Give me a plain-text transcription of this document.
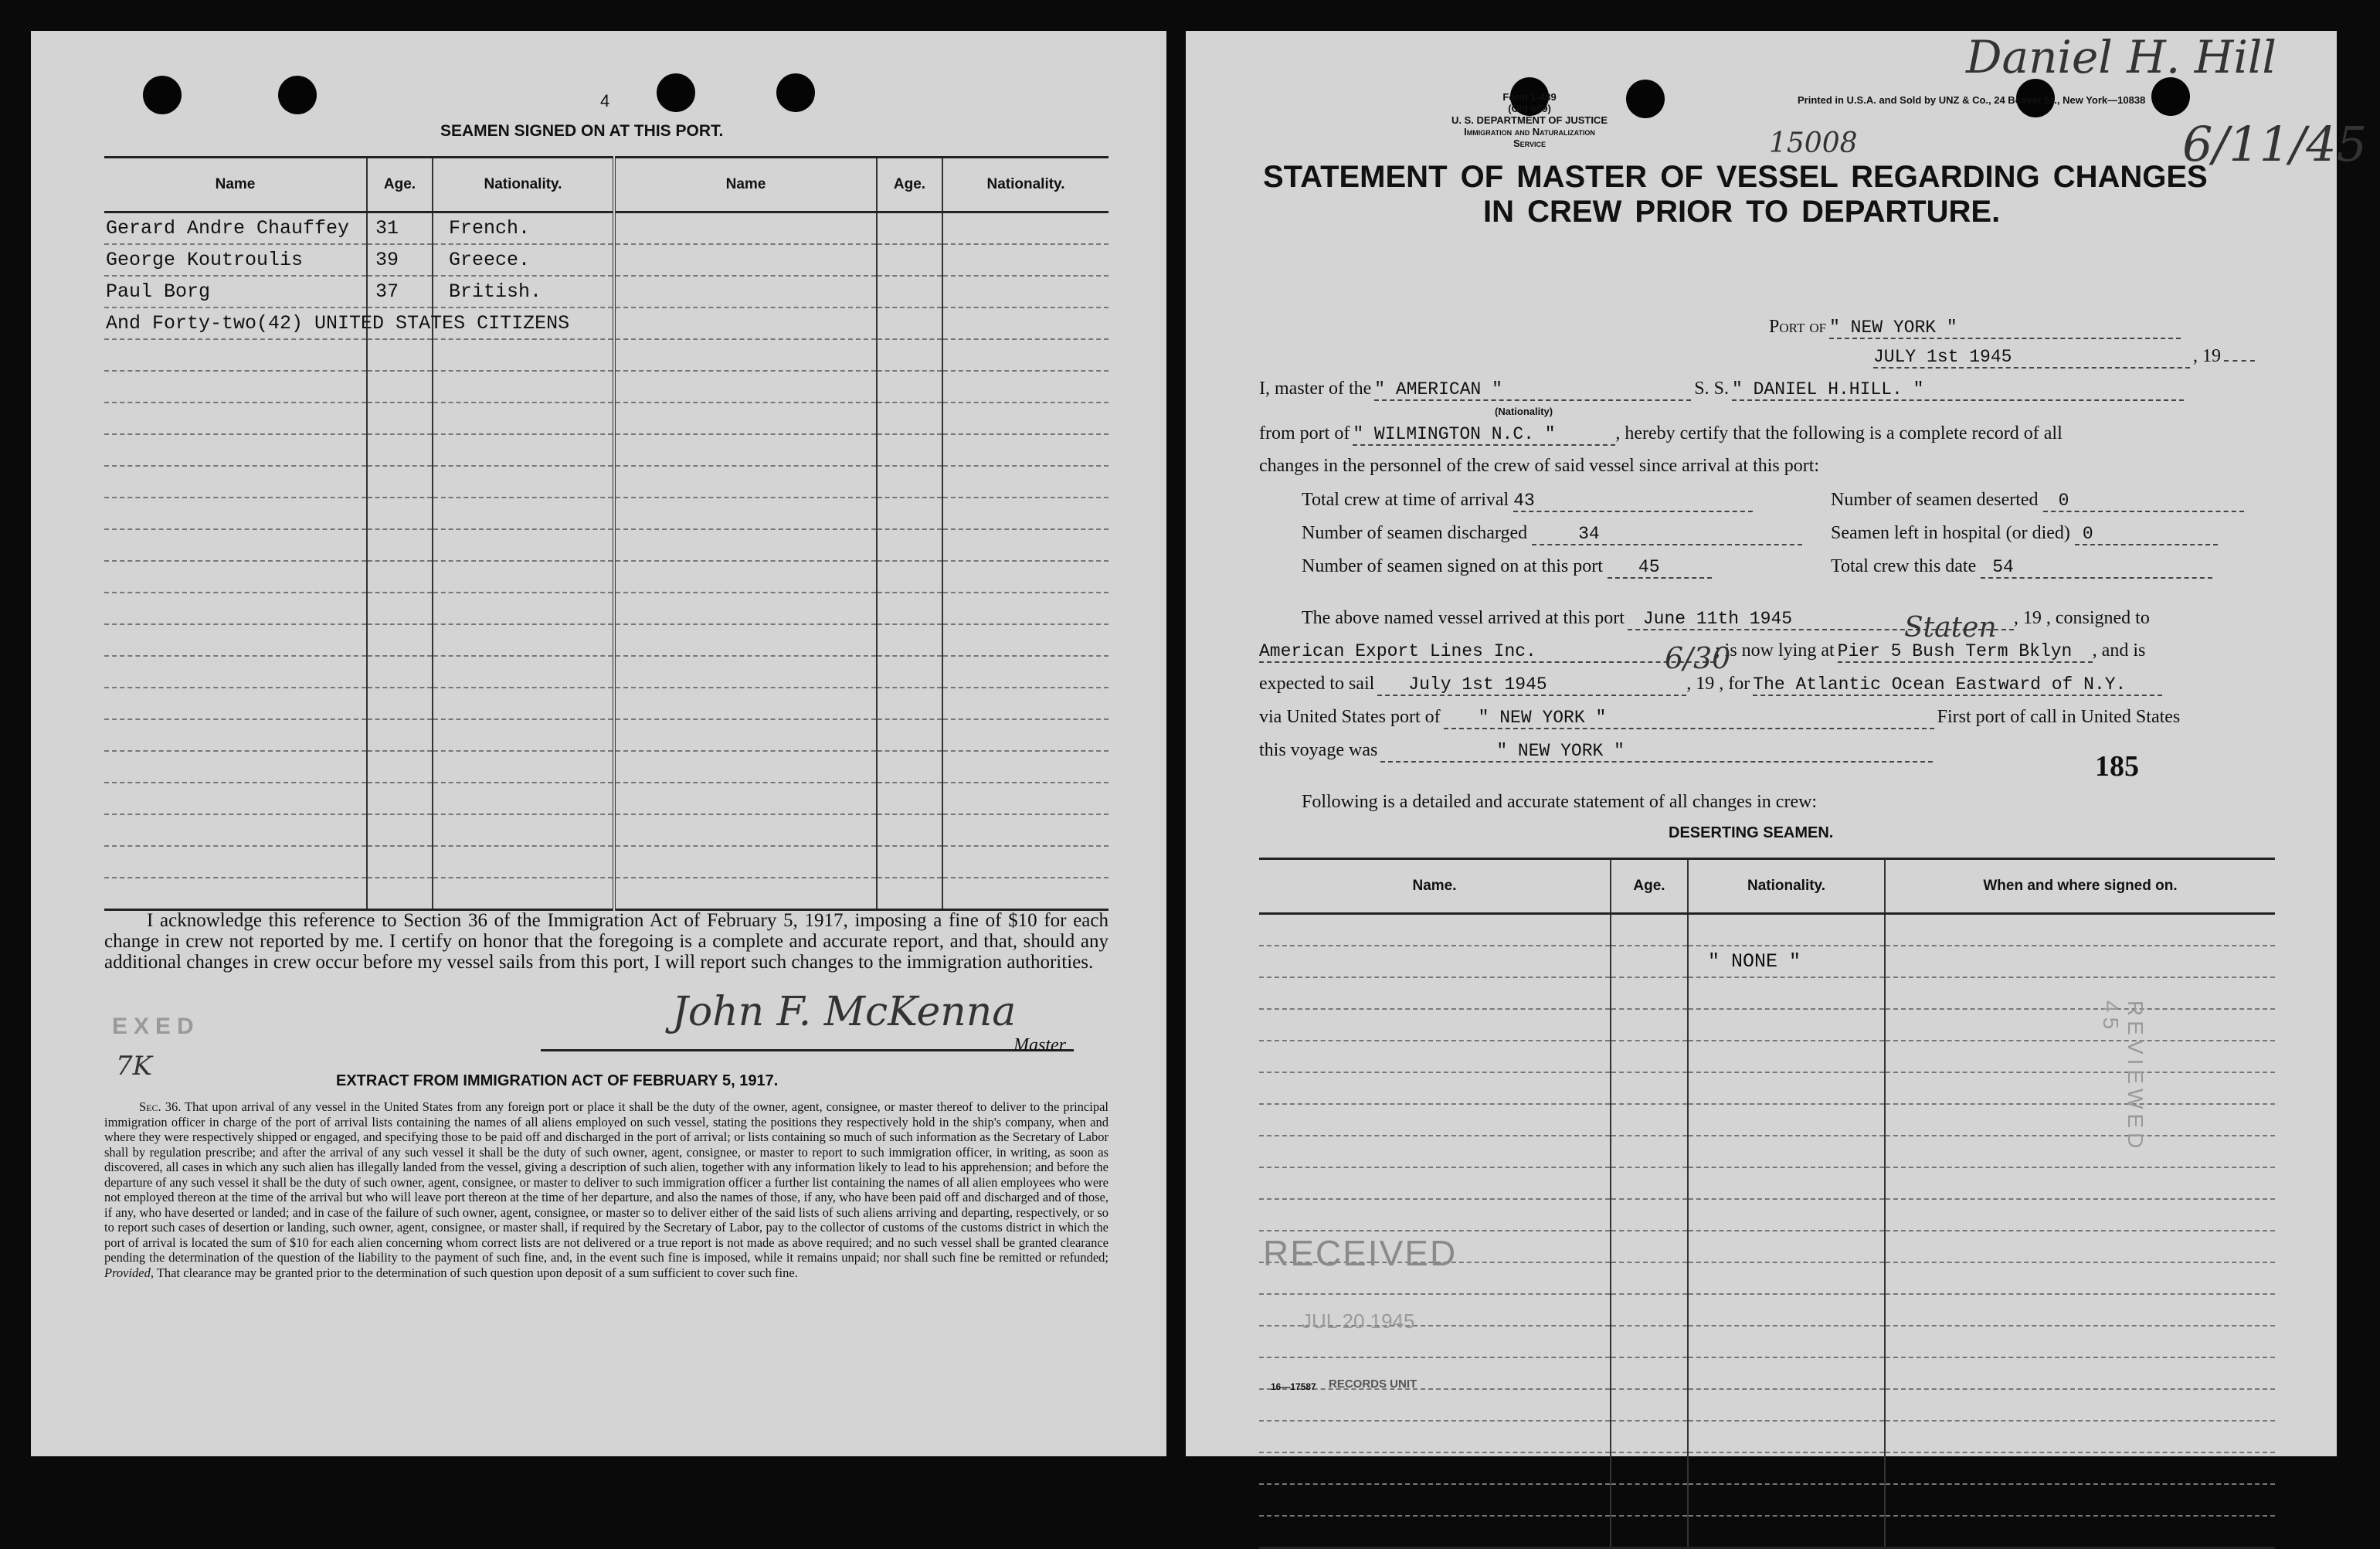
4
SEAMEN SIGNED ON AT THIS PORT.
Name	Age.	Nationality.	Name	Age.	Nationality.
Gerard Andre Chauffey	31	French.			
George Koutroulis	39	Greece.			
Paul Borg	37	British.			
And Forty-two(42) UNITED STATES CITIZENS					

I acknowledge this reference to Section 36 of the Immigration Act of February 5, 1917, imposing a fine of $10 for each change in crew not reported by me. I certify on honor that the foregoing is a complete and accurate report, and that, should any additional changes in crew occur before my vessel sails from this port, I will report such changes to the immigration authorities.
John F. McKenna
Master
EXED
7K	EXTRACT FROM IMMIGRATION ACT OF FEBRUARY 5, 1917.
Sec. 36. That upon arrival of any vessel in the United States from any foreign port or place it shall be the duty of the owner, agent, consignee, or master thereof to deliver to the principal immigration officer in charge of the port of arrival lists containing the names of all aliens employed on such vessel, stating the positions they respectively hold in the ship's company, when and where they were respectively shipped or engaged, and specifying those to be paid off and discharged in the port of arrival; or lists containing so much of such information as the Secretary of Labor shall by regulation prescribe; and after the arrival of any such vessel it shall be the duty of such owner, agent, consignee, or master to report to such immigration officer, in writing, as soon as discovered, all cases in which any such alien has illegally landed from the vessel, giving a description of such alien, together with any information likely to lead to his apprehension; and before the departure of any such vessel it shall be the duty of such owner, agent, consignee, or master to deliver to such immigration officer a further list containing the names of all alien employees who were not employed thereon at the time of the arrival but who will leave port thereon at the time of her departure, and also the names of those, if any, who have been paid off and discharged and of those, if any, who have deserted or landed; and in case of the failure of such owner, agent, consignee, or master so to deliver either of the said lists of such aliens arriving and departing, respectively, or so to report such cases of desertion or landing, such owner, agent, consignee, or master shall, if required by the Secretary of Labor, pay to the collector of customs of the customs district in which the port of arrival is located the sum of $10 for each alien concerning whom correct lists are not delivered or a true report is not made as above required; and no such vessel shall be granted clearance pending the determination of the question of the liability to the payment of such fine, and, in the event such fine is imposed, while it remains unpaid; nor shall such fine be remitted or refunded; Provided, That clearance may be granted prior to the determination of such question upon deposit of a sum sufficient to cover such fine.
Daniel H. Hill
6/11/45
15008
Form 1-489
(Old 689)
U. S. DEPARTMENT OF JUSTICE
Immigration and Naturalization Service
Printed in U.S.A. and Sold by UNZ & Co., 24 Beaver St., New York—10838
STATEMENT OF MASTER OF VESSEL REGARDING CHANGES
IN CREW PRIOR TO DEPARTURE.
Port of " NEW YORK "
JULY 1st 1945	, 19
I, master of the " AMERICAN "	S. S. " DANIEL H.HILL. "
(Nationality)
from port of " WILMINGTON N.C. "	, hereby certify that the following is a complete record of all
changes in the personnel of the crew of said vessel since arrival at this port:
Total crew at time of arrival 43	Number of seamen deserted 0
Number of seamen discharged	34	Seamen left in hospital (or died) 0
Number of seamen signed on at this port 45	Total crew this date 54
The above named vessel arrived at this port June 11th 1945	, 19 , consigned to
American Export Lines Inc.	; is now lying at Pier 5 Bush Term Bklyn , and is
6/30
Staten
expected to sail July 1st 1945	, 19 , for The Atlantic Ocean Eastward of N.Y.
via United States port of " NEW YORK "	First port of call in United States
this voyage was	" NEW YORK "	185
Following is a detailed and accurate statement of all changes in crew:
DESERTING SEAMEN.
Name.	Age.	Nationality.	When and where signed on.

		" NONE "	

RECEIVED
JUL 20 1945
REVIEWED 45
16—17587 RECORDS UNIT
